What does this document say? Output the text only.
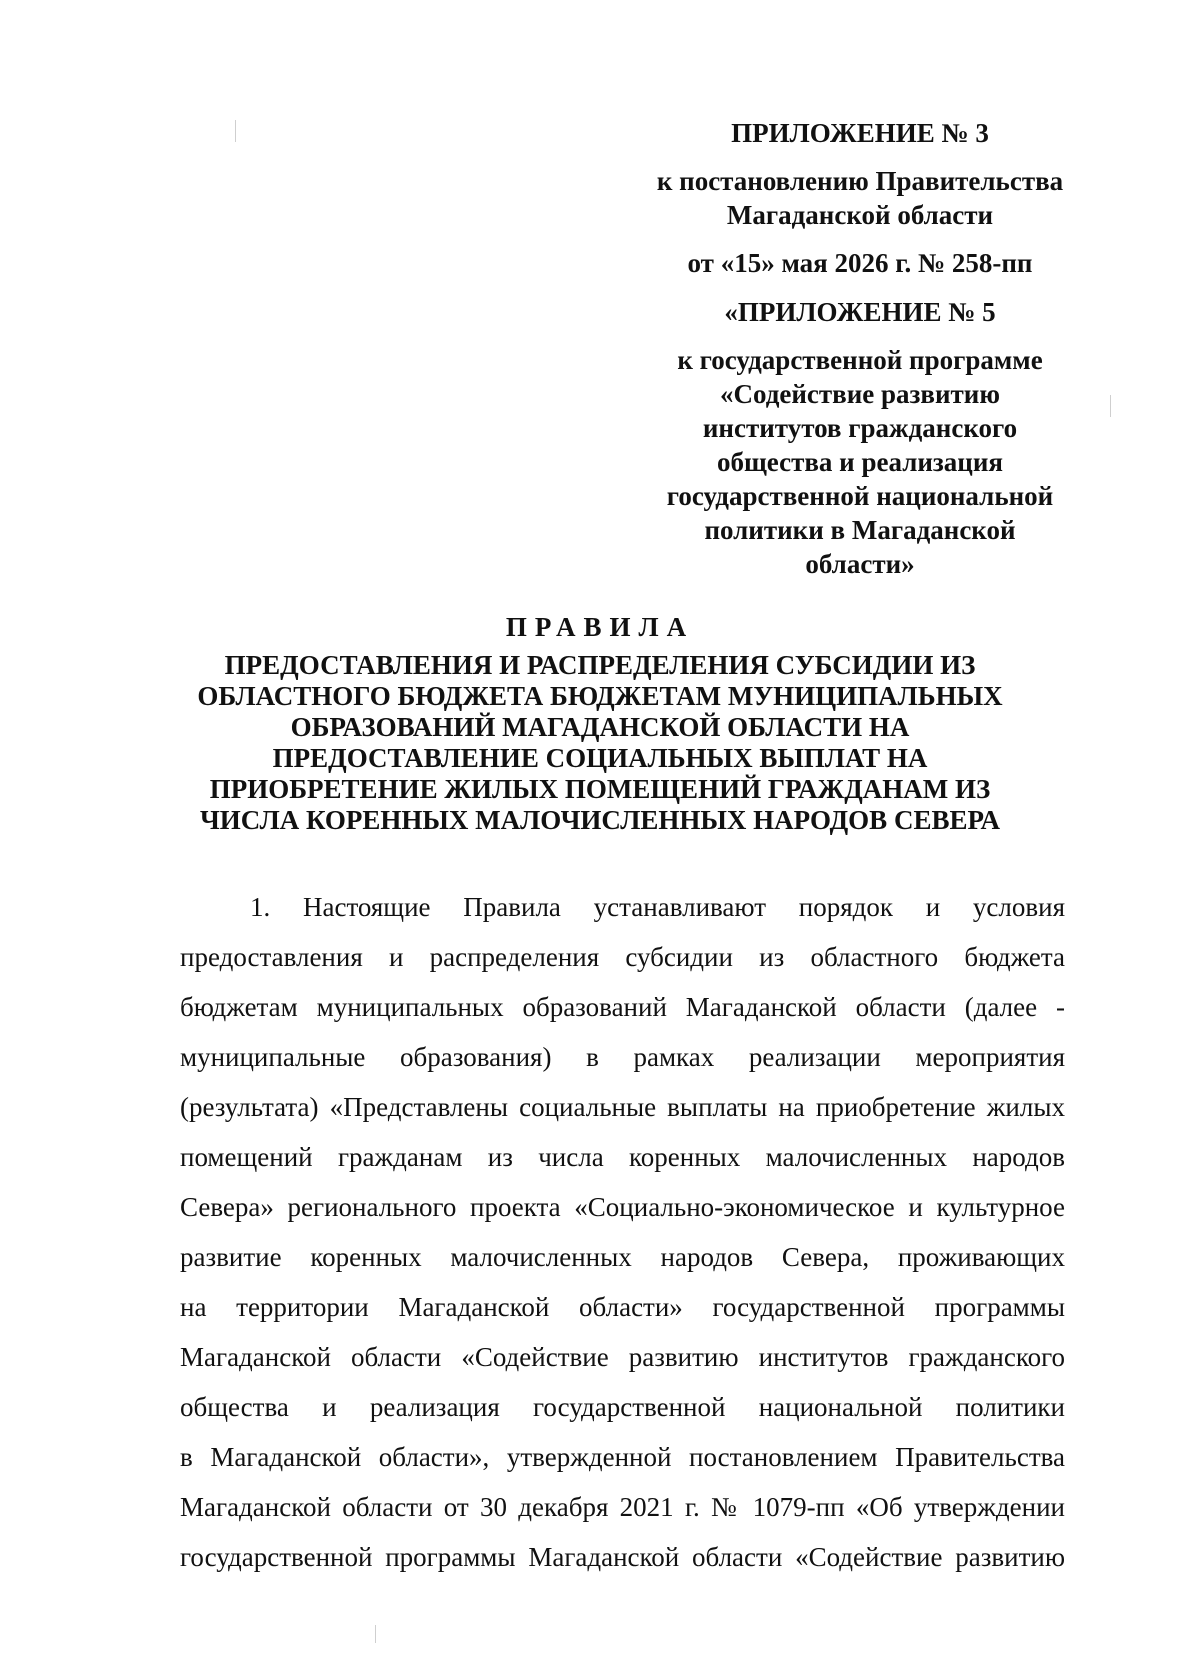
ПРИЛОЖЕНИЕ № 3
к постановлению Правительства
Магаданской области
от «15» мая 2026 г. № 258-пп
«ПРИЛОЖЕНИЕ № 5
к государственной программе
«Содействие развитию
институтов гражданского
общества и реализация
государственной национальной
политики в Магаданской
области»
ПРАВИЛА
ПРЕДОСТАВЛЕНИЯ И РАСПРЕДЕЛЕНИЯ СУБСИДИИ ИЗ
ОБЛАСТНОГО БЮДЖЕТА БЮДЖЕТАМ МУНИЦИПАЛЬНЫХ
ОБРАЗОВАНИЙ МАГАДАНСКОЙ ОБЛАСТИ НА
ПРЕДОСТАВЛЕНИЕ СОЦИАЛЬНЫХ ВЫПЛАТ НА
ПРИОБРЕТЕНИЕ ЖИЛЫХ ПОМЕЩЕНИЙ ГРАЖДАНАМ ИЗ
ЧИСЛА КОРЕННЫХ МАЛОЧИСЛЕННЫХ НАРОДОВ СЕВЕРА
1. Настоящие Правила устанавливают порядок и условия
предоставления и распределения субсидии из областного бюджета
бюджетам муниципальных образований Магаданской области (далее -
муниципальные образования) в рамках реализации мероприятия
(результата) «Представлены социальные выплаты на приобретение жилых
помещений гражданам из числа коренных малочисленных народов
Севера» регионального проекта «Социально-экономическое и культурное
развитие коренных малочисленных народов Севера, проживающих
на территории Магаданской области» государственной программы
Магаданской области «Содействие развитию институтов гражданского
общества и реализация государственной национальной политики
в Магаданской области», утвержденной постановлением Правительства
Магаданской области от 30 декабря 2021 г. № 1079-пп «Об утверждении
государственной программы Магаданской области «Содействие развитию
